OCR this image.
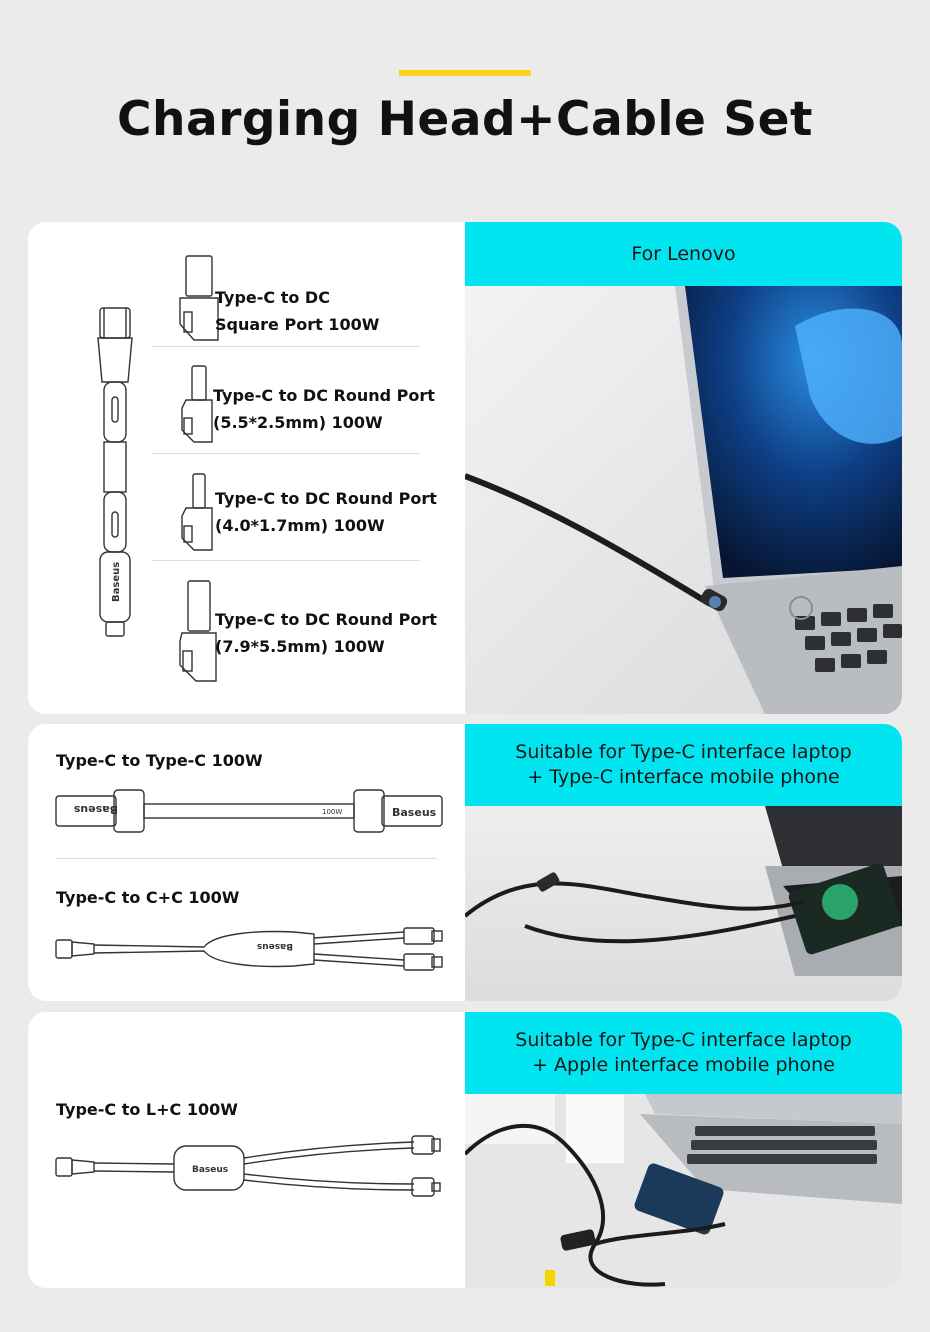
Charging Head+Cable Set
Baseus
Type-C to DC
Square Port 100W
Type-C to DC Round Port
(5.5*2.5mm) 100W
Type-C to DC Round Port
(4.0*1.7mm) 100W
Type-C to DC Round Port
(7.9*5.5mm) 100W
For Lenovo
Type-C to Type-C 100W
Baseus	Baseus
100W
Type-C to C+C 100W
Baseus
Suitable for Type-C interface laptop
+ Type-C interface mobile phone
Type-C to L+C 100W
Baseus
Suitable for Type-C interface laptop
+ Apple interface mobile phone
